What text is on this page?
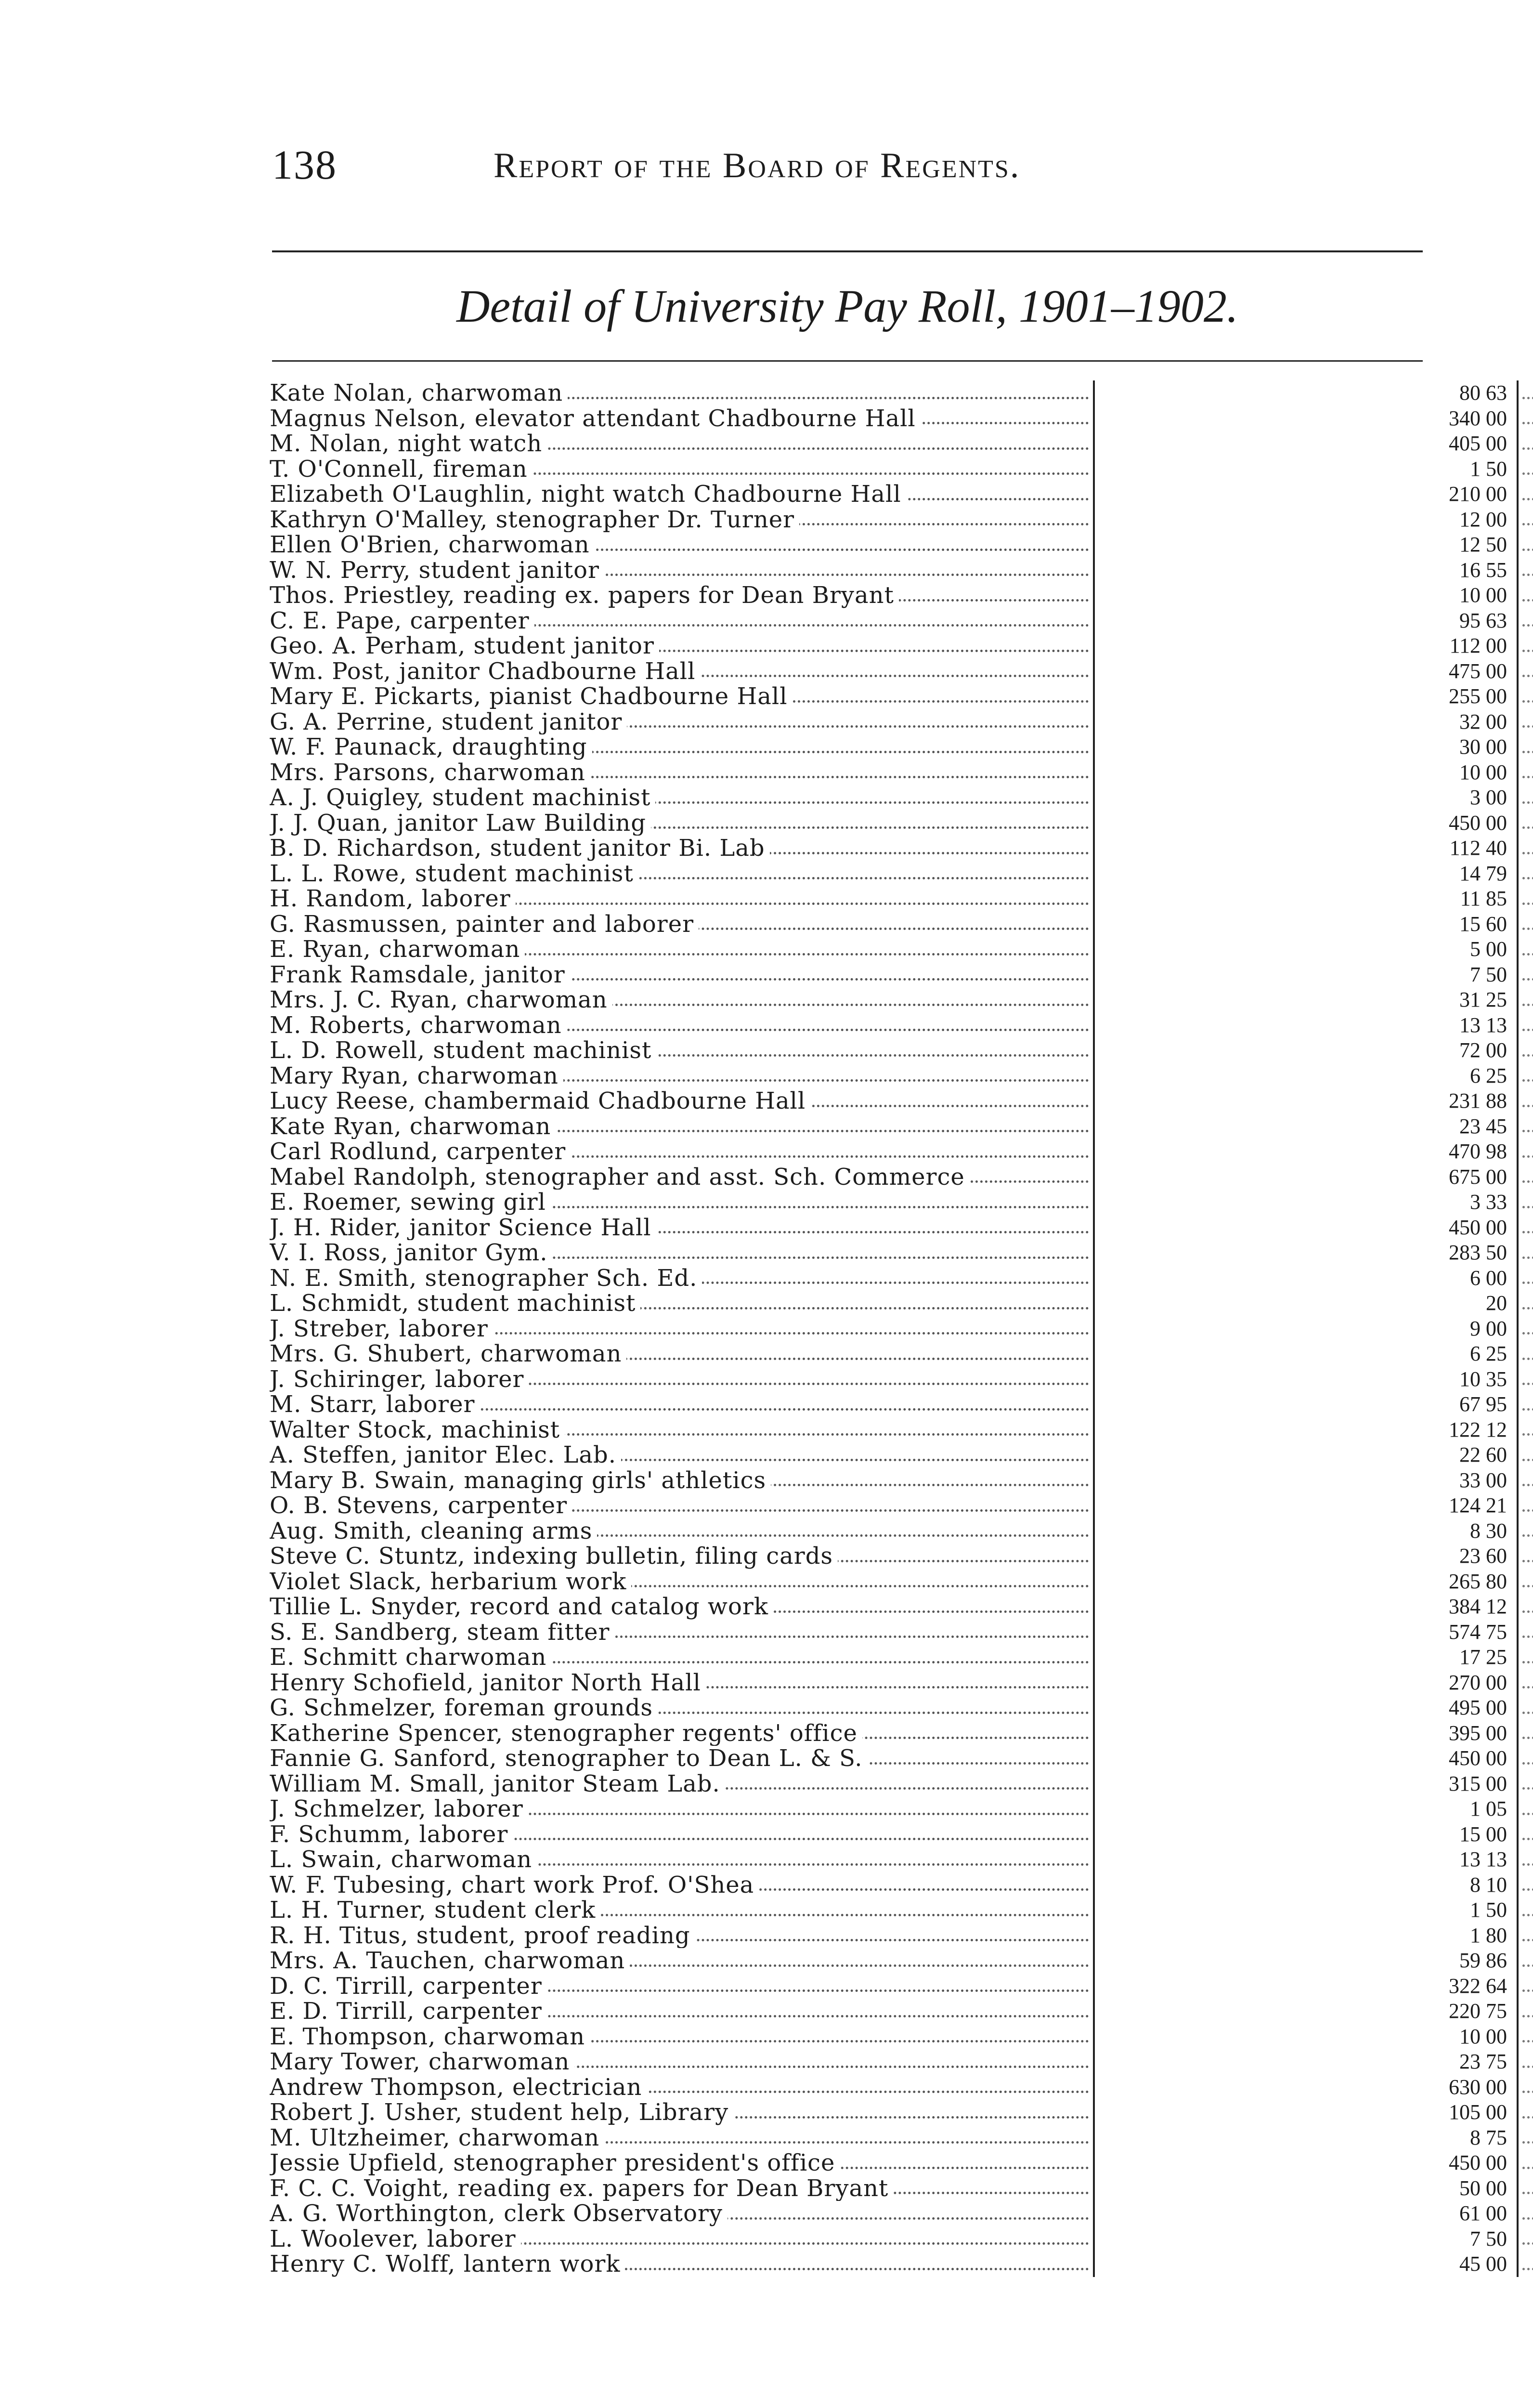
138	Report of the Board of Regents.
Detail of University Pay Roll, 1901–1902.
Kate Nolan, charwoman	80 63
Magnus Nelson, elevator attendant Chadbourne Hall	340 00
M. Nolan, night watch	405 00
T. O'Connell, fireman	1 50
Elizabeth O'Laughlin, night watch Chadbourne Hall	210 00
Kathryn O'Malley, stenographer Dr. Turner	12 00
Ellen O'Brien, charwoman	12 50
W. N. Perry, student janitor	16 55
Thos. Priestley, reading ex. papers for Dean Bryant	10 00
C. E. Pape, carpenter	95 63
Geo. A. Perham, student janitor	112 00
Wm. Post, janitor Chadbourne Hall	475 00
Mary E. Pickarts, pianist Chadbourne Hall	255 00
G. A. Perrine, student janitor	32 00
W. F. Paunack, draughting	30 00
Mrs. Parsons, charwoman	10 00
A. J. Quigley, student machinist	3 00
J. J. Quan, janitor Law Building	450 00
B. D. Richardson, student janitor Bi. Lab	112 40
L. L. Rowe, student machinist	14 79
H. Random, laborer	11 85
G. Rasmussen, painter and laborer	15 60
E. Ryan, charwoman	5 00
Frank Ramsdale, janitor	7 50
Mrs. J. C. Ryan, charwoman	31 25
M. Roberts, charwoman	13 13
L. D. Rowell, student machinist	72 00
Mary Ryan, charwoman	6 25
Lucy Reese, chambermaid Chadbourne Hall	231 88
Kate Ryan, charwoman	23 45
Carl Rodlund, carpenter	470 98
Mabel Randolph, stenographer and asst. Sch. Commerce	675 00
E. Roemer, sewing girl	3 33
J. H. Rider, janitor Science Hall	450 00
V. I. Ross, janitor Gym.	283 50
N. E. Smith, stenographer Sch. Ed.	6 00
L. Schmidt, student machinist	20
J. Streber, laborer	9 00
Mrs. G. Shubert, charwoman	6 25
J. Schiringer, laborer	10 35
M. Starr, laborer	67 95
Walter Stock, machinist	122 12
A. Steffen, janitor Elec. Lab.	22 60
Mary B. Swain, managing girls' athletics	33 00
O. B. Stevens, carpenter	124 21
Aug. Smith, cleaning arms	8 30
Steve C. Stuntz, indexing bulletin, filing cards	23 60
Violet Slack, herbarium work	265 80
Tillie L. Snyder, record and catalog work	384 12
S. E. Sandberg, steam fitter	574 75
E. Schmitt charwoman	17 25
Henry Schofield, janitor North Hall	270 00
G. Schmelzer, foreman grounds	495 00
Katherine Spencer, stenographer regents' office	395 00
Fannie G. Sanford, stenographer to Dean L. & S.	450 00
William M. Small, janitor Steam Lab.	315 00
J. Schmelzer, laborer	1 05
F. Schumm, laborer	15 00
L. Swain, charwoman	13 13
W. F. Tubesing, chart work Prof. O'Shea	8 10
L. H. Turner, student clerk	1 50
R. H. Titus, student, proof reading	1 80
Mrs. A. Tauchen, charwoman	59 86
D. C. Tirrill, carpenter	322 64
E. D. Tirrill, carpenter	220 75
E. Thompson, charwoman	10 00
Mary Tower, charwoman	23 75
Andrew Thompson, electrician	630 00
Robert J. Usher, student help, Library	105 00
M. Ultzheimer, charwoman	8 75
Jessie Upfield, stenographer president's office	450 00
F. C. C. Voight, reading ex. papers for Dean Bryant	50 00
A. G. Worthington, clerk Observatory	61 00
L. Woolever, laborer	7 50
Henry C. Wolff, lantern work	45 00
